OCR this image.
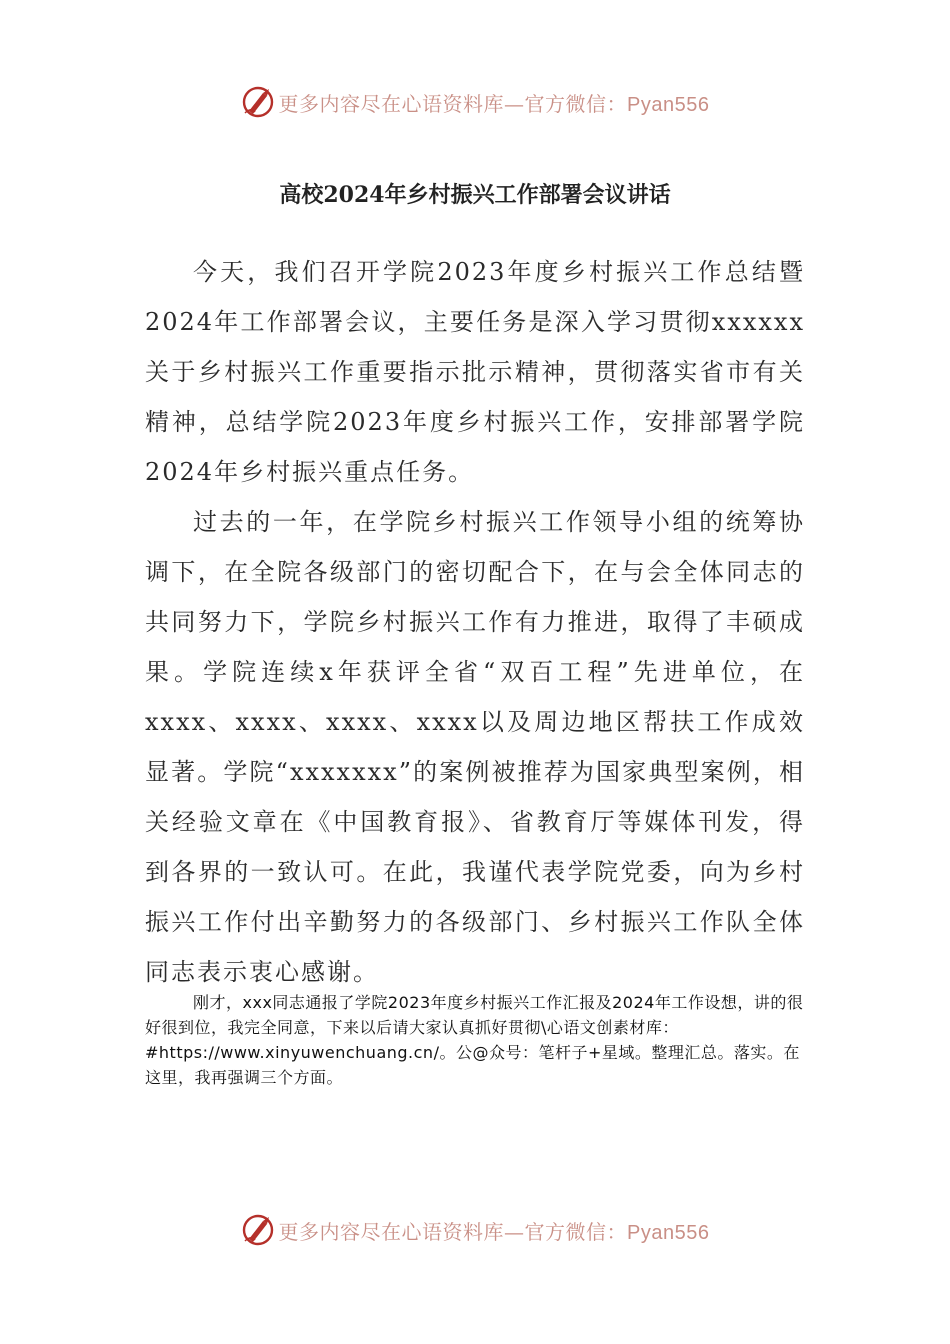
更多内容尽在心语资料库—官方微信：Pyan556
高校2024年乡村振兴工作部署会议讲话

今天，我们召开学院2023年度乡村振兴工作总结暨2024年工作部署会议，主要任务是深入学习贯彻xxxxxx关于乡村振兴工作重要指示批示精神，贯彻落实省市有关精神，总结学院2023年度乡村振兴工作，安排部署学院2024年乡村振兴重点任务。

过去的一年，在学院乡村振兴工作领导小组的统筹协调下，在全院各级部门的密切配合下，在与会全体同志的共同努力下，学院乡村振兴工作有力推进，取得了丰硕成果。学院连续x年获评全省“双百工程”先进单位，在xxxx、xxxx、xxxx、xxxx以及周边地区帮扶工作成效显著。学院“xxxxxxx”的案例被推荐为国家典型案例，相关经验文章在《中国教育报》、省教育厅等媒体刊发，得到各界的一致认可。在此，我谨代表学院党委，向为乡村振兴工作付出辛勤努力的各级部门、乡村振兴工作队全体同志表示衷心感谢。

刚才，xxx同志通报了学院2023年度乡村振兴工作汇报及2024年工作设想，讲的很好很到位，我完全同意，下来以后请大家认真抓好贯彻\心语文创素材库：#https://www.xinyuwenchuang.cn/。公@众号：笔杆子+星域。整理汇总。落实。在这里，我再强调三个方面。

更多内容尽在心语资料库—官方微信：Pyan556
